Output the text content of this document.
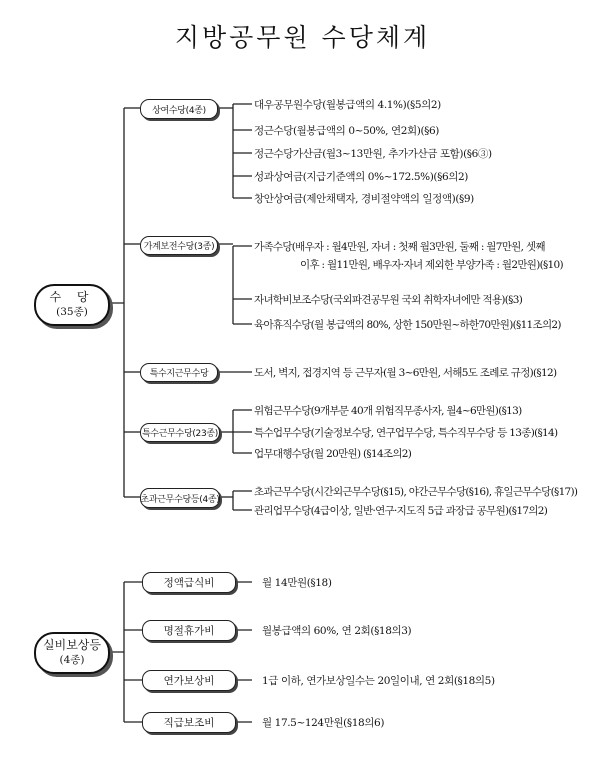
지방공무원 수당체계
수 당
(35종)
실비보상등
(4종)
상여수당(4종)
가계보전수당(3종)
특수지근무수당
특수근무수당(23종)
초과근무수당등(4종)
대우공무원수당(월봉급액의 4.1%)(§5의2)
정근수당(월봉급액의 0~50%, 연2회)(§6)
정근수당가산금(월3~13만원, 추가가산금 포함)(§6③)
성과상여금(지급기준액의 0%~172.5%)(§6의2)
창안상여금(제안채택자, 경비절약액의 일정액)(§9)
가족수당(배우자 : 월4만원, 자녀 : 첫째 월3만원, 둘째 : 월7만원, 셋째
이후 : 월11만원, 배우자·자녀 제외한 부양가족 : 월2만원)(§10)
자녀학비보조수당(국외파견공무원 국외 취학자녀에만 적용)(§3)
육아휴직수당(월 봉급액의 80%, 상한 150만원~하한70만원)(§11조의2)
도서, 벽지, 접경지역 등 근무자(월 3~6만원, 서해5도 조례로 규정)(§12)
위험근무수당(9개부문 40개 위험직무종사자, 월4~6만원)(§13)
특수업무수당(기술정보수당, 연구업무수당, 특수직무수당 등 13종)(§14)
업무대행수당(월 20만원) (§14조의2)
초과근무수당(시간외근무수당(§15), 야간근무수당(§16), 휴일근무수당(§17))
관리업무수당(4급이상, 일반·연구·지도직 5급 과장급 공무원)(§17의2)
정액급식비
명절휴가비
연가보상비
직급보조비
월 14만원(§18)
월봉급액의 60%, 연 2회(§18의3)
1급 이하, 연가보상일수는 20일이내, 연 2회(§18의5)
월 17.5~124만원(§18의6)
